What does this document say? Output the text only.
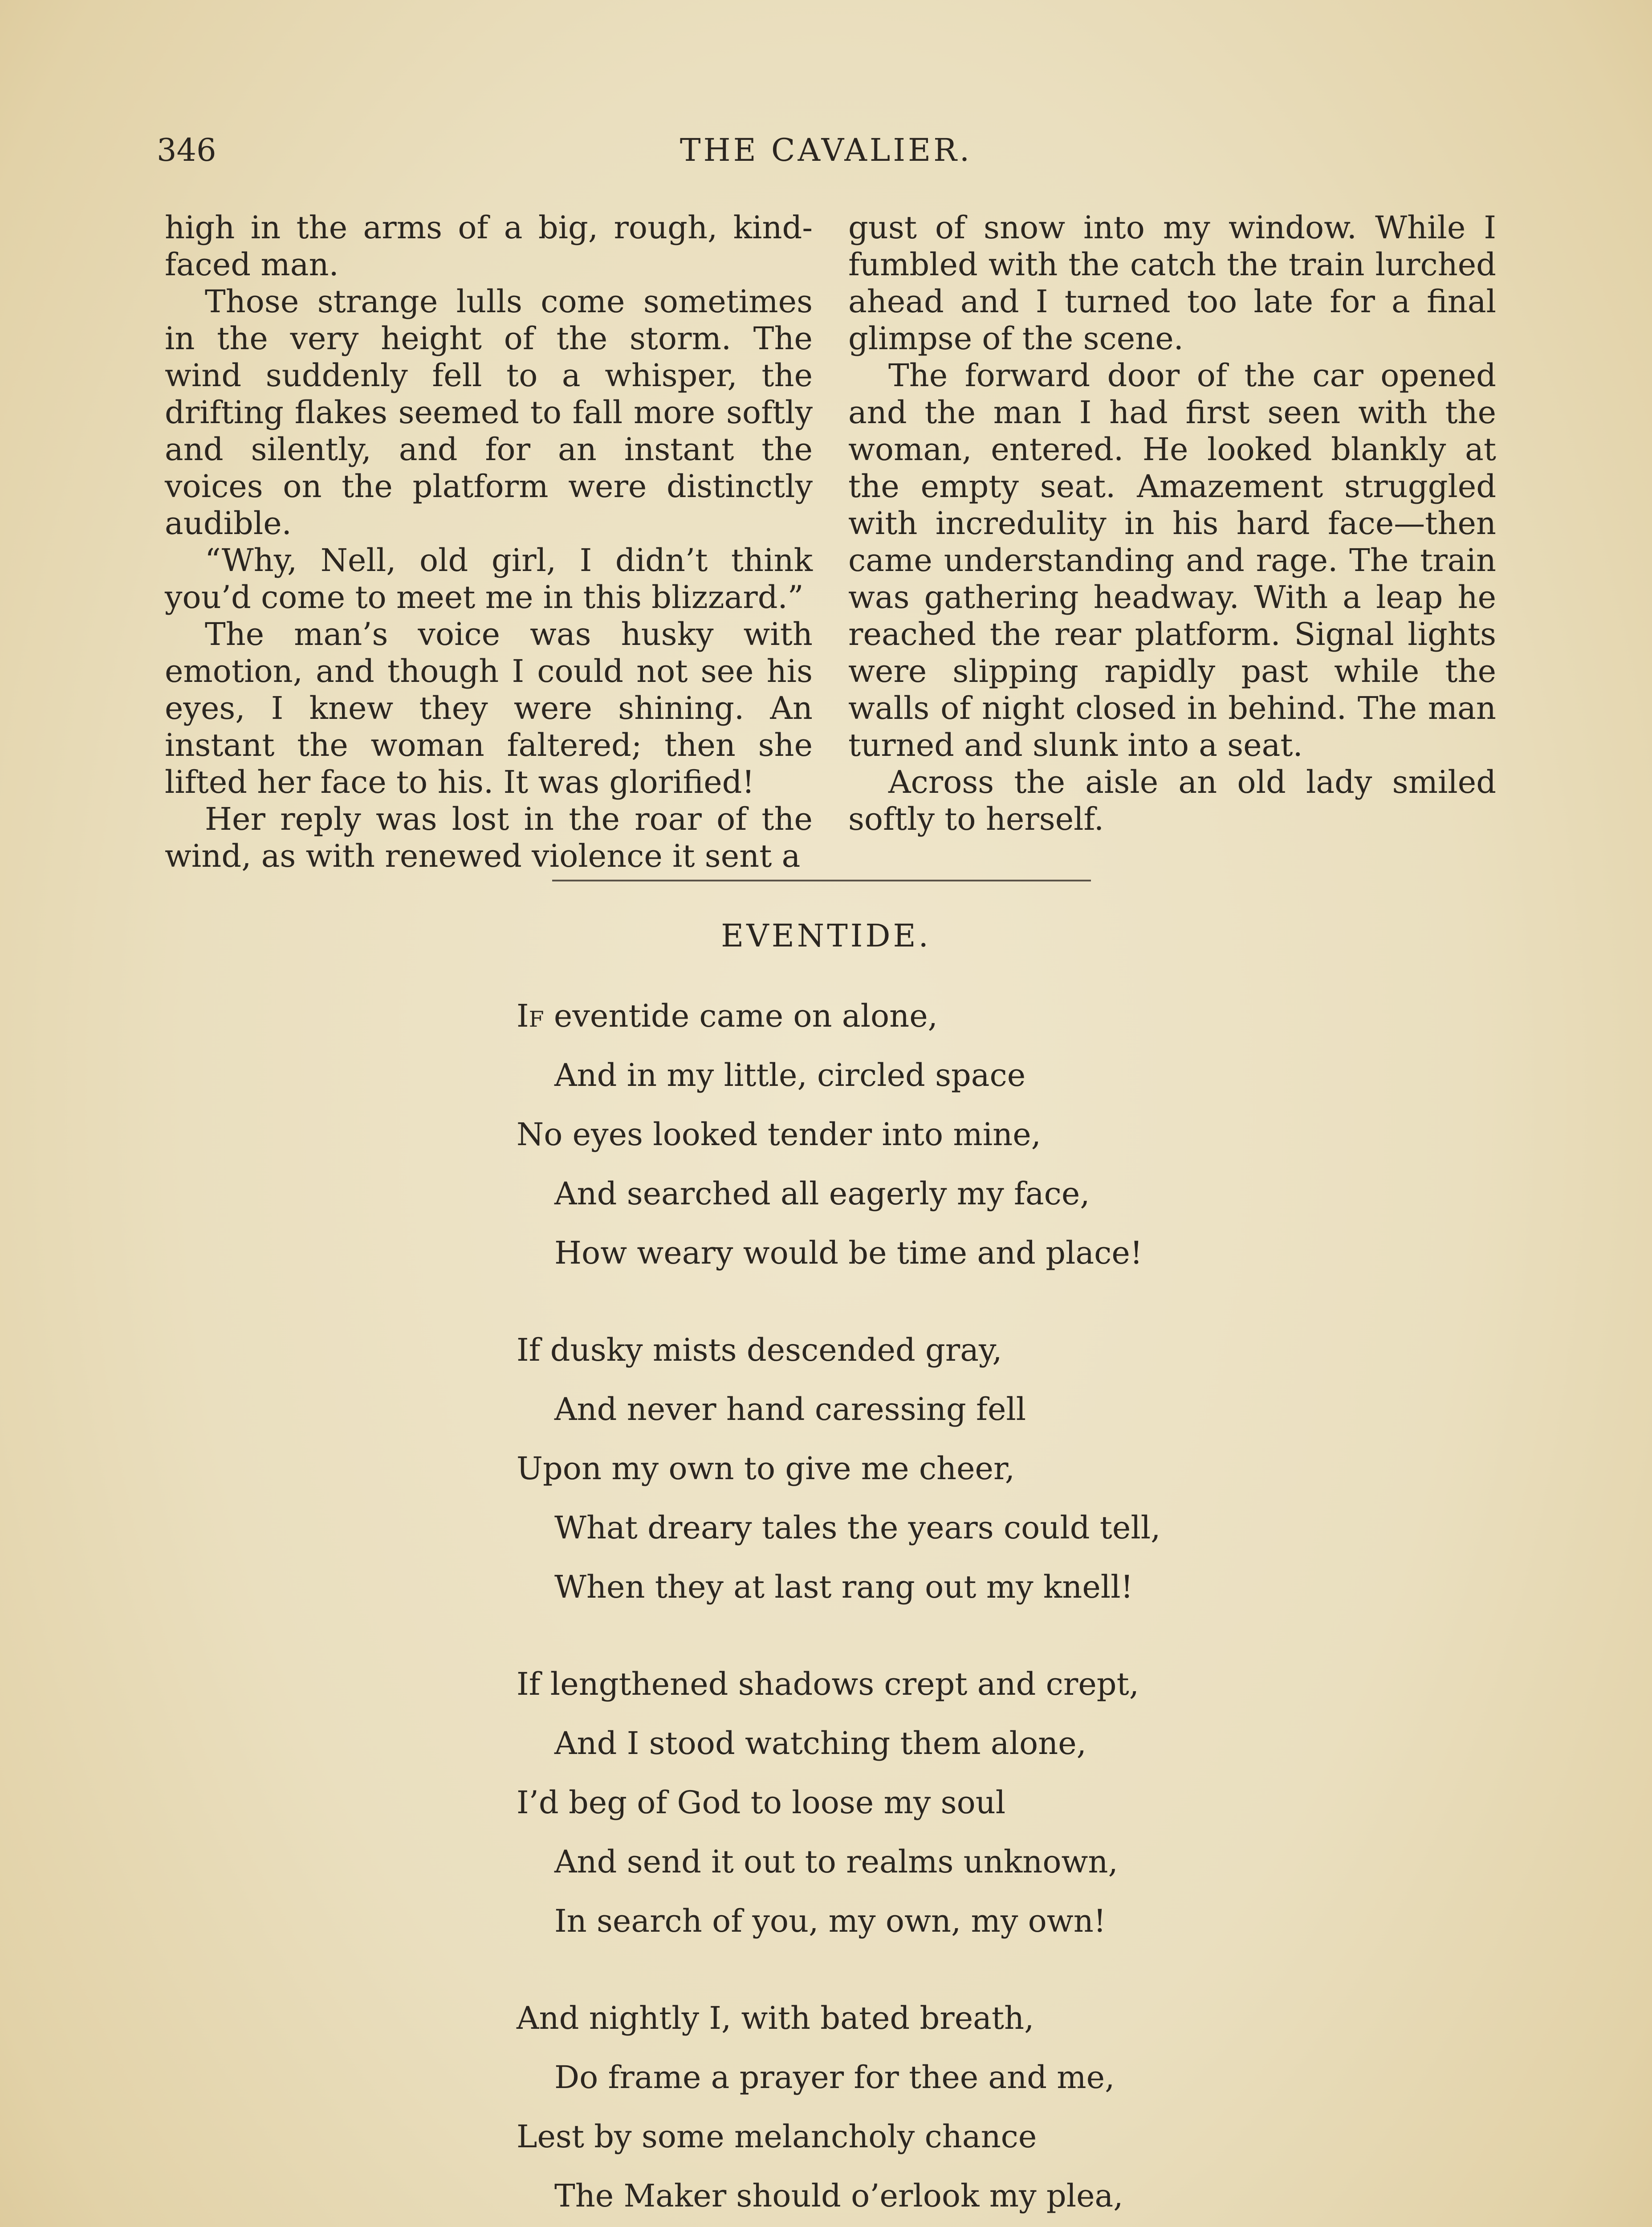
346	THE CAVALIER.

high in the arms of a big, rough, kind-faced man.

Those strange lulls come sometimes in the very height of the storm. The wind suddenly fell to a whisper, the drifting flakes seemed to fall more softly and silently, and for an instant the voices on the platform were distinctly audible.

“Why, Nell, old girl, I didn’t think you’d come to meet me in this blizzard.”

The man’s voice was husky with emotion, and though I could not see his eyes, I knew they were shining. An instant the woman faltered; then she lifted her face to his. It was glorified!

Her reply was lost in the roar of the wind, as with renewed violence it sent a

gust of snow into my window. While I fumbled with the catch the train lurched ahead and I turned too late for a final glimpse of the scene.

The forward door of the car opened and the man I had first seen with the woman, entered. He looked blankly at the empty seat. Amazement struggled with incredulity in his hard face—then came understanding and rage. The train was gathering headway. With a leap he reached the rear platform. Signal lights were slipping rapidly past while the walls of night closed in behind. The man turned and slunk into a seat.

Across the aisle an old lady smiled softly to herself.

EVENTIDE.
If eventide came on alone,
And in my little, circled space
No eyes looked tender into mine,
And searched all eagerly my face,
How weary would be time and place!
If dusky mists descended gray,
And never hand caressing fell
Upon my own to give me cheer,
What dreary tales the years could tell,
When they at last rang out my knell!
If lengthened shadows crept and crept,
And I stood watching them alone,
I’d beg of God to loose my soul
And send it out to realms unknown,
In search of you, my own, my own!
And nightly I, with bated breath,
Do frame a prayer for thee and me,
Lest by some melancholy chance
The Maker should o’erlook my plea,
